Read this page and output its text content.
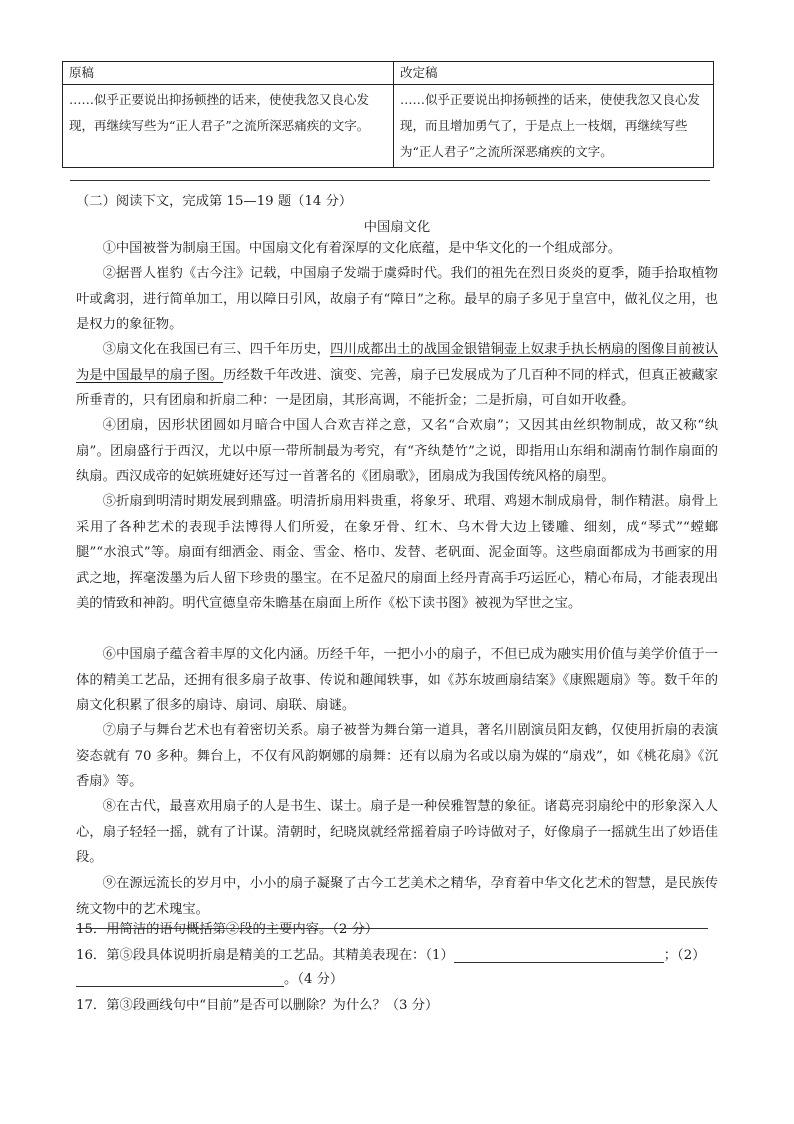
原稿	改定稿
……似乎正要说出抑扬顿挫的话来，使使我忽又良心发现，再继续写些为“正人君子”之流所深恶痛疾的文字。	……似乎正要说出抑扬顿挫的话来，使使我忽又良心发现，而且增加勇气了，于是点上一枝烟，再继续写些为“正人君子”之流所深恶痛疾的文字。
（二）阅读下文，完成第 15—19 题（14 分）
中国扇文化
①中国被誉为制扇王国。中国扇文化有着深厚的文化底蕴，是中华文化的一个组成部分。
②据晋人崔豹《古今注》记载，中国扇子发端于虞舜时代。我们的祖先在烈日炎炎的夏季，随手拾取植物叶或禽羽，进行简单加工，用以障日引风，故扇子有“障日”之称。最早的扇子多见于皇宫中，做礼仪之用，也是权力的象征物。
③扇文化在我国已有三、四千年历史，四川成都出土的战国金银错铜壶上奴隶手执长柄扇的图像目前被认为是中国最早的扇子图。历经数千年改进、演变、完善，扇子已发展成为了几百种不同的样式，但真正被藏家所垂青的，只有团扇和折扇二种：一是团扇，其形高调，不能折金；二是折扇，可自如开收叠。
④团扇，因形状团圆如月暗合中国人合欢吉祥之意，又名“合欢扇”；又因其由丝织物制成，故又称“纨扇”。团扇盛行于西汉，尤以中原一带所制最为考究，有“齐纨楚竹”之说，即指用山东绢和湖南竹制作扇面的纨扇。西汉成帝的妃嫔班婕好还写过一首著名的《团扇歌》，团扇成为我国传统风格的扇型。
⑤折扇到明清时期发展到鼎盛。明清折扇用料贵重，将象牙、玳瑁、鸡翅木制成扇骨，制作精湛。扇骨上采用了各种艺术的表现手法博得人们所爱，在象牙骨、红木、乌木骨大边上镂雕、细刻，成“琴式”“螳螂腿”“水浪式”等。扇面有细洒金、雨金、雪金、格巾、发替、老矾面、泥金面等。这些扇面都成为书画家的用武之地，挥毫泼墨为后人留下珍贵的墨宝。在不足盈尺的扇面上经丹青高手巧运匠心，精心布局，才能表现出美的情致和神韵。明代宣德皇帝朱瞻基在扇面上所作《松下读书图》被视为罕世之宝。
⑥中国扇子蕴含着丰厚的文化内涵。历经千年，一把小小的扇子，不但已成为融实用价值与美学价值于一体的精美工艺品，还拥有很多扇子故事、传说和趣闻轶事，如《苏东坡画扇结案》《康熙题扇》等。数千年的扇文化积累了很多的扇诗、扇词、扇联、扇谜。
⑦扇子与舞台艺术也有着密切关系。扇子被誉为舞台第一道具，著名川剧演员阳友鹤，仅使用折扇的表演姿态就有 70 多种。舞台上，不仅有风韵婀娜的扇舞：还有以扇为名或以扇为媒的“扇戏”，如《桃花扇》《沉香扇》等。
⑧在古代，最喜欢用扇子的人是书生、谋士。扇子是一种侯雅智慧的象征。诸葛亮羽扇纶中的形象深入人心，扇子轻轻一摇，就有了计谋。清朝时，纪晓岚就经常摇着扇子吟诗做对子，好像扇子一摇就生出了妙语佳段。
⑨在源远流长的岁月中，小小的扇子凝聚了古今工艺美术之精华，孕育着中华文化艺术的智慧，是民族传统文物中的艺术瑰宝。
15．用简洁的语句概括第②段的主要内容。（2 分）
16．第⑤段具体说明折扇是精美的工艺品。其精美表现在：（1）	；（2）
。（4 分）
17．第③段画线句中“目前”是否可以删除？为什么？（3 分）
